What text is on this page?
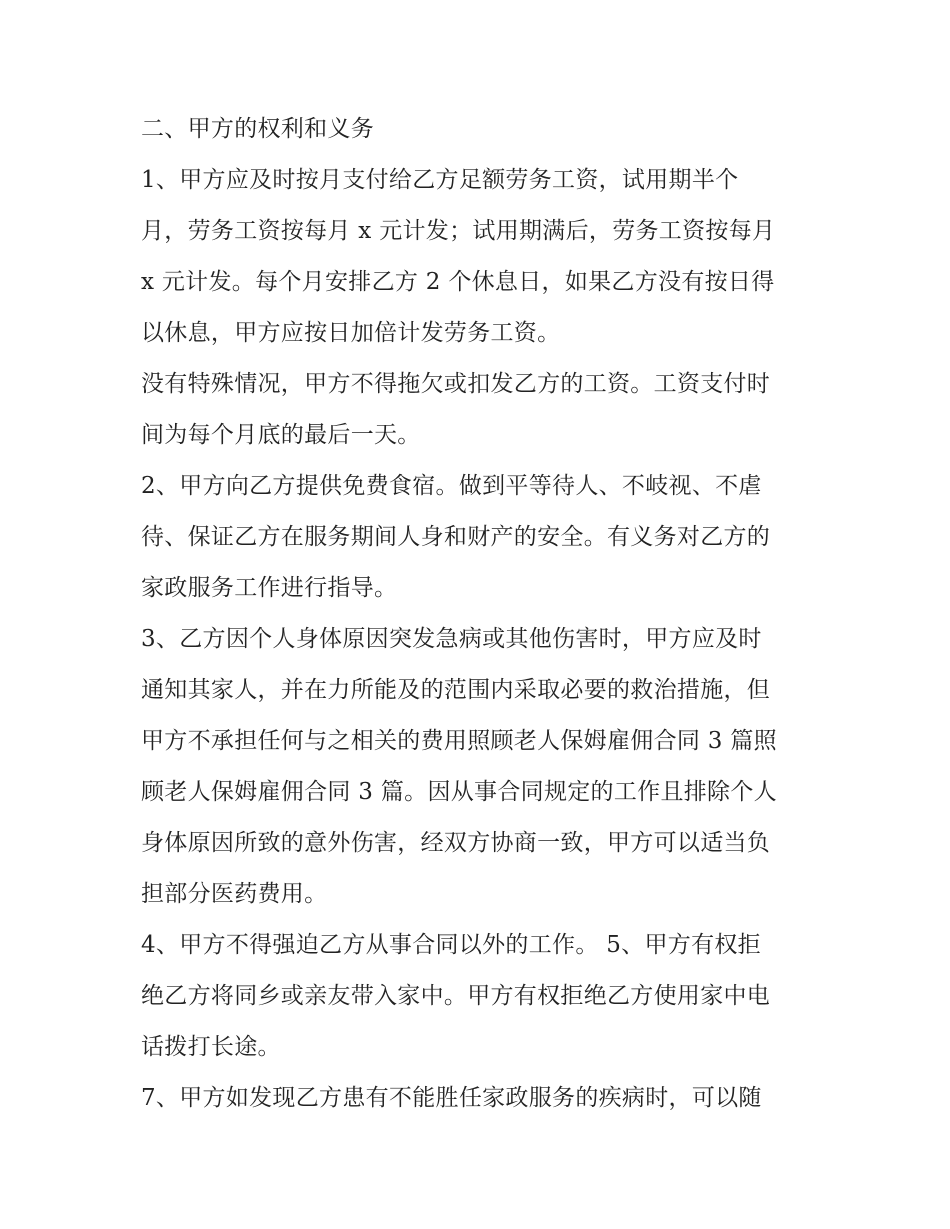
二、甲方的权利和义务
1、甲方应及时按月支付给乙方足额劳务工资，试用期半个
月，劳务工资按每月 x 元计发；试用期满后，劳务工资按每月
x 元计发。每个月安排乙方 2 个休息日，如果乙方没有按日得
以休息，甲方应按日加倍计发劳务工资。
没有特殊情况，甲方不得拖欠或扣发乙方的工资。工资支付时
间为每个月底的最后一天。
2、甲方向乙方提供免费食宿。做到平等待人、不岐视、不虐
待、保证乙方在服务期间人身和财产的安全。有义务对乙方的
家政服务工作进行指导。
3、乙方因个人身体原因突发急病或其他伤害时，甲方应及时
通知其家人，并在力所能及的范围内采取必要的救治措施，但
甲方不承担任何与之相关的费用照顾老人保姆雇佣合同 3 篇照
顾老人保姆雇佣合同 3 篇。因从事合同规定的工作且排除个人
身体原因所致的意外伤害，经双方协商一致，甲方可以适当负
担部分医药费用。
4、甲方不得强迫乙方从事合同以外的工作。 5、甲方有权拒
绝乙方将同乡或亲友带入家中。甲方有权拒绝乙方使用家中电
话拨打长途。
7、甲方如发现乙方患有不能胜任家政服务的疾病时，可以随
